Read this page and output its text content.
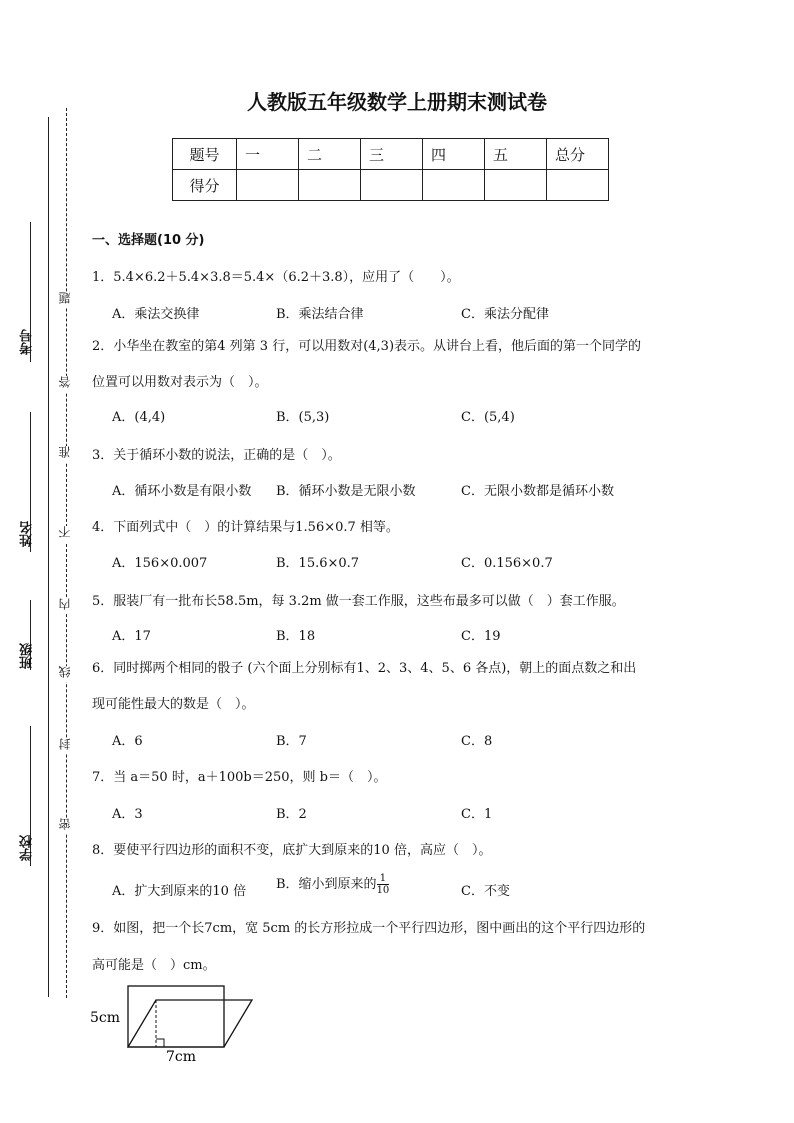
人教版五年级数学上册期末测试卷
题号	一	二	三	四	五	总分
得分						
考号
姓名
班级
学校
题
答
准
不
内
线
封
密
一、选择题(10 分)
1．5.4×6.2＋5.4×3.8＝5.4×（6.2＋3.8），应用了（　　）。
A．乘法交换律	B．乘法结合律	C．乘法分配律
2．小华坐在教室的第4 列第 3 行，可以用数对(4,3)表示。从讲台上看，他后面的第一个同学的
位置可以用数对表示为（　）。
A．(4,4)	B．(5,3)	C．(5,4)
3．关于循环小数的说法，正确的是（　）。
A．循环小数是有限小数 B．循环小数是无限小数	C．无限小数都是循环小数
4．下面列式中（　）的计算结果与1.56×0.7 相等。
A．156×0.007	B．15.6×0.7	C．0.156×0.7
5．服装厂有一批布长58.5m，每 3.2m 做一套工作服，这些布最多可以做（　）套工作服。
A．17	B．18	C．19
6．同时掷两个相同的骰子 (六个面上分别标有1、2、3、4、5、6 各点)，朝上的面点数之和出
现可能性最大的数是（　）。
A．6	B．7	C．8
7．当 a＝50 时，a＋100b＝250，则 b＝（　）。
A．3	B．2	C．1
8．要使平行四边形的面积不变，底扩大到原来的10 倍，高应（　）。
A．扩大到原来的10 倍 B．缩小到原来的 $\frac{1}{10}$	C．不变
9．如图，把一个长7cm，宽 5cm 的长方形拉成一个平行四边形，图中画出的这个平行四边形的
高可能是（　）cm。
5cm
7cm
